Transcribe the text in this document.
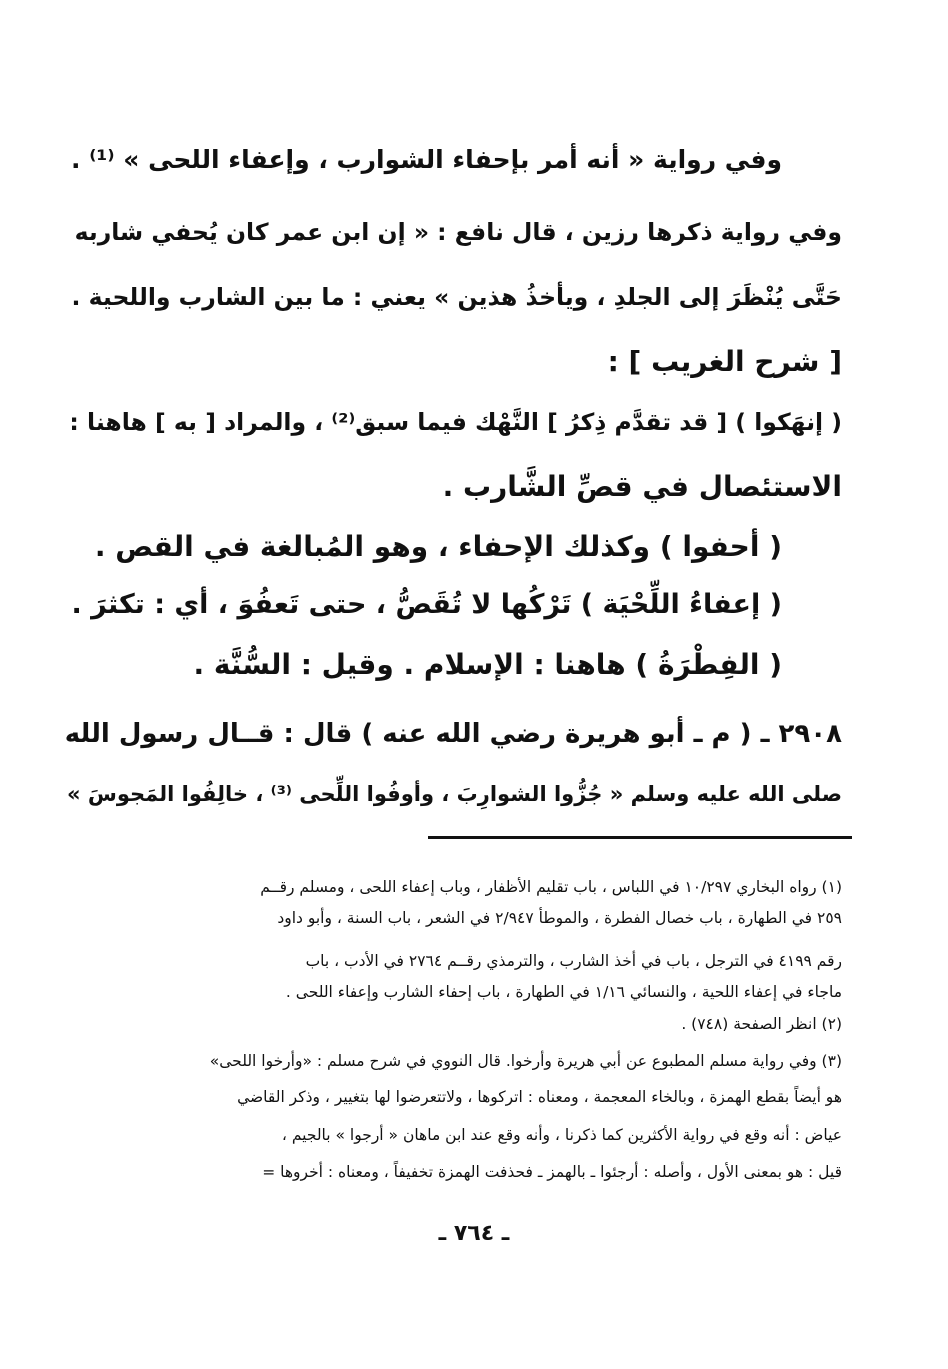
وفي رواية « أنه أمر بإحفاء الشوارب ، وإعفاء اللحى » ⁽¹⁾ .
وفي رواية ذكرها رزين ، قال نافع : « إن ابن عمر كان يُحفي شاربه
حَتَّى يُنْظَرَ إلى الجلدِ ، ويأخذُ هذين » يعني : ما بين الشارب واللحية .
[ شرح الغريب ] :
( إنهَكوا ) [ قد تقدَّم ذِكرُ ] النَّهْك فيما سبق⁽²⁾ ، والمراد [ به ] هاهنا :
الاستئصال في قصِّ الشَّارب .
( أحفوا ) وكذلك الإحفاء ، وهو المُبالغة في القص .
( إعفاءُ اللِّحْيَة ) تَرْكُها لا تُقَصُّ ، حتى تَعفُوَ ، أي : تكثرَ .
( الفِطْرَةُ ) هاهنا : الإسلام . وقيل : السُّنَّة .
٢٩٠٨ ـ ( م ـ أبو هريرة رضي الله عنه ) قال : قــال رسول الله
صلى الله عليه وسلم « جُزُّوا الشوارِبَ ، وأوفُوا اللِّحى ⁽³⁾ ، خالِفُوا المَجوسَ »
(١) رواه البخاري ١٠/٢٩٧ في اللباس ، باب تقليم الأظفار ، وباب إعفاء اللحى ، ومسلم رقــم
٢٥٩ في الطهارة ، باب خصال الفطرة ، والموطأ ٢/٩٤٧ في الشعر ، باب السنة ، وأبو داود
رقم ٤١٩٩ في الترجل ، باب في أخذ الشارب ، والترمذي رقــم ٢٧٦٤ في الأدب ، باب
ماجاء في إعفاء اللحية ، والنسائي ١/١٦ في الطهارة ، باب إحفاء الشارب وإعفاء اللحى .
(٢) انظر الصفحة (٧٤٨) .
(٣) وفي رواية مسلم المطبوع عن أبي هريرة وأرخوا. قال النووي في شرح مسلم : «وأرخوا اللحى»
هو أيضاً بقطع الهمزة ، وبالخاء المعجمة ، ومعناه : اتركوها ، ولاتتعرضوا لها بتغيير ، وذكر القاضي
عياض : أنه وقع في رواية الأكثرين كما ذكرنا ، وأنه وقع عند ابن ماهان « أرجوا » بالجيم ،
قيل : هو بمعنى الأول ، وأصله : أرجئوا ـ بالهمز ـ فحذفت الهمزة تخفيفاً ، ومعناه : أخروها =
ـ ٧٦٤ ـ
